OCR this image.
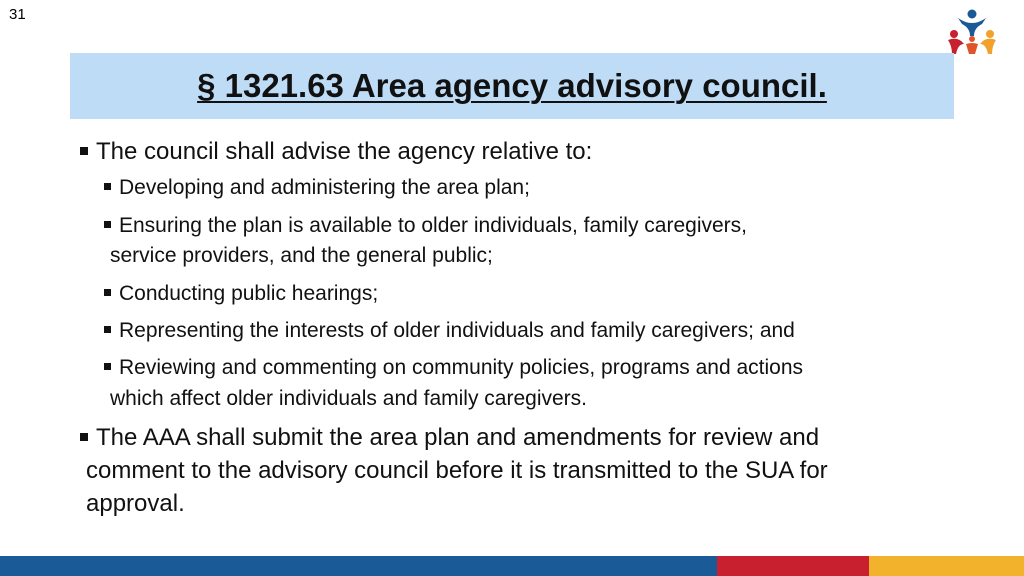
31
§ 1321.63 Area agency advisory council.
The council shall advise the agency relative to:
Developing and administering the area plan;
Ensuring the plan is available to older individuals, family caregivers,
service providers, and the general public;
Conducting public hearings;
Representing the interests of older individuals and family caregivers; and
Reviewing and commenting on community policies, programs and actions
which affect older individuals and family caregivers.
The AAA shall submit the area plan and amendments for review and
comment to the advisory council before it is transmitted to the SUA for
approval.
